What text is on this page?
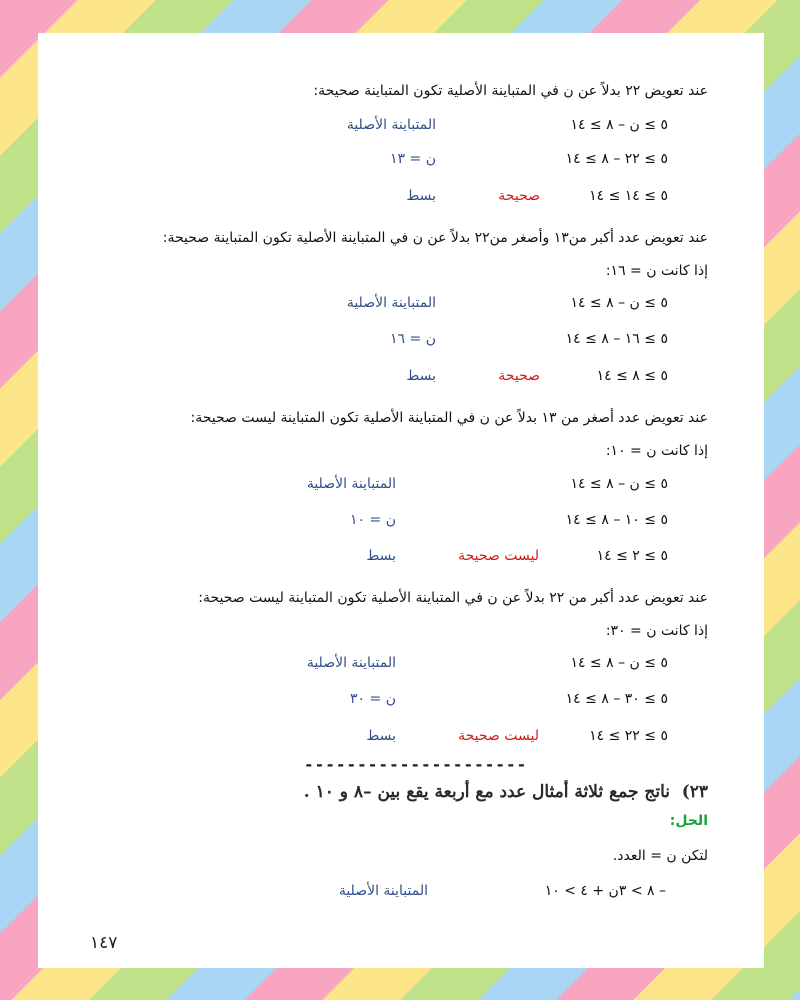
عند تعويض ٢٢ بدلاً عن ن في المتباينة الأصلية تكون المتباينة صحيحة:
٥ ≥ ن – ٨ ≥ ١٤
المتباينة الأصلية
٥ ≥ ٢٢ – ٨ ≥ ١٤
ن = ١٣
٥ ≥ ١٤ ≥ ١٤
صحيحة
بسط
عند تعويض عدد أكبر من١٣ وأصغر من٢٢ بدلاً عن ن في المتباينة الأصلية تكون المتباينة صحيحة:
إذا كانت ن = ١٦:
٥ ≥ ن – ٨ ≥ ١٤
المتباينة الأصلية
٥ ≥ ١٦ – ٨ ≥ ١٤
ن = ١٦
٥ ≥ ٨ ≥ ١٤
صحيحة
بسط
عند تعويض عدد أصغر من ١٣ بدلاً عن ن في المتباينة الأصلية تكون المتباينة ليست صحيحة:
إذا كانت ن = ١٠:
٥ ≥ ن – ٨ ≥ ١٤
المتباينة الأصلية
٥ ≥ ١٠ – ٨ ≥ ١٤
ن = ١٠
٥ ≥ ٢ ≥ ١٤
ليست صحيحة
بسط
عند تعويض عدد أكبر من ٢٢ بدلاً عن ن في المتباينة الأصلية تكون المتباينة ليست صحيحة:
إذا كانت ن = ٣٠:
٥ ≥ ن – ٨ ≥ ١٤
المتباينة الأصلية
٥ ≥ ٣٠ – ٨ ≥ ١٤
ن = ٣٠
٥ ≥ ٢٢ ≥ ١٤
ليست صحيحة
بسط
---------------------
٢٣)
ناتج جمع ثلاثة أمثال عدد مع أربعة يقع بين –٨ و ١٠ .
الحل:
لتكن ن = العدد.
– ٨ > ٣ن + ٤ > ١٠
المتباينة الأصلية
١٤٧
